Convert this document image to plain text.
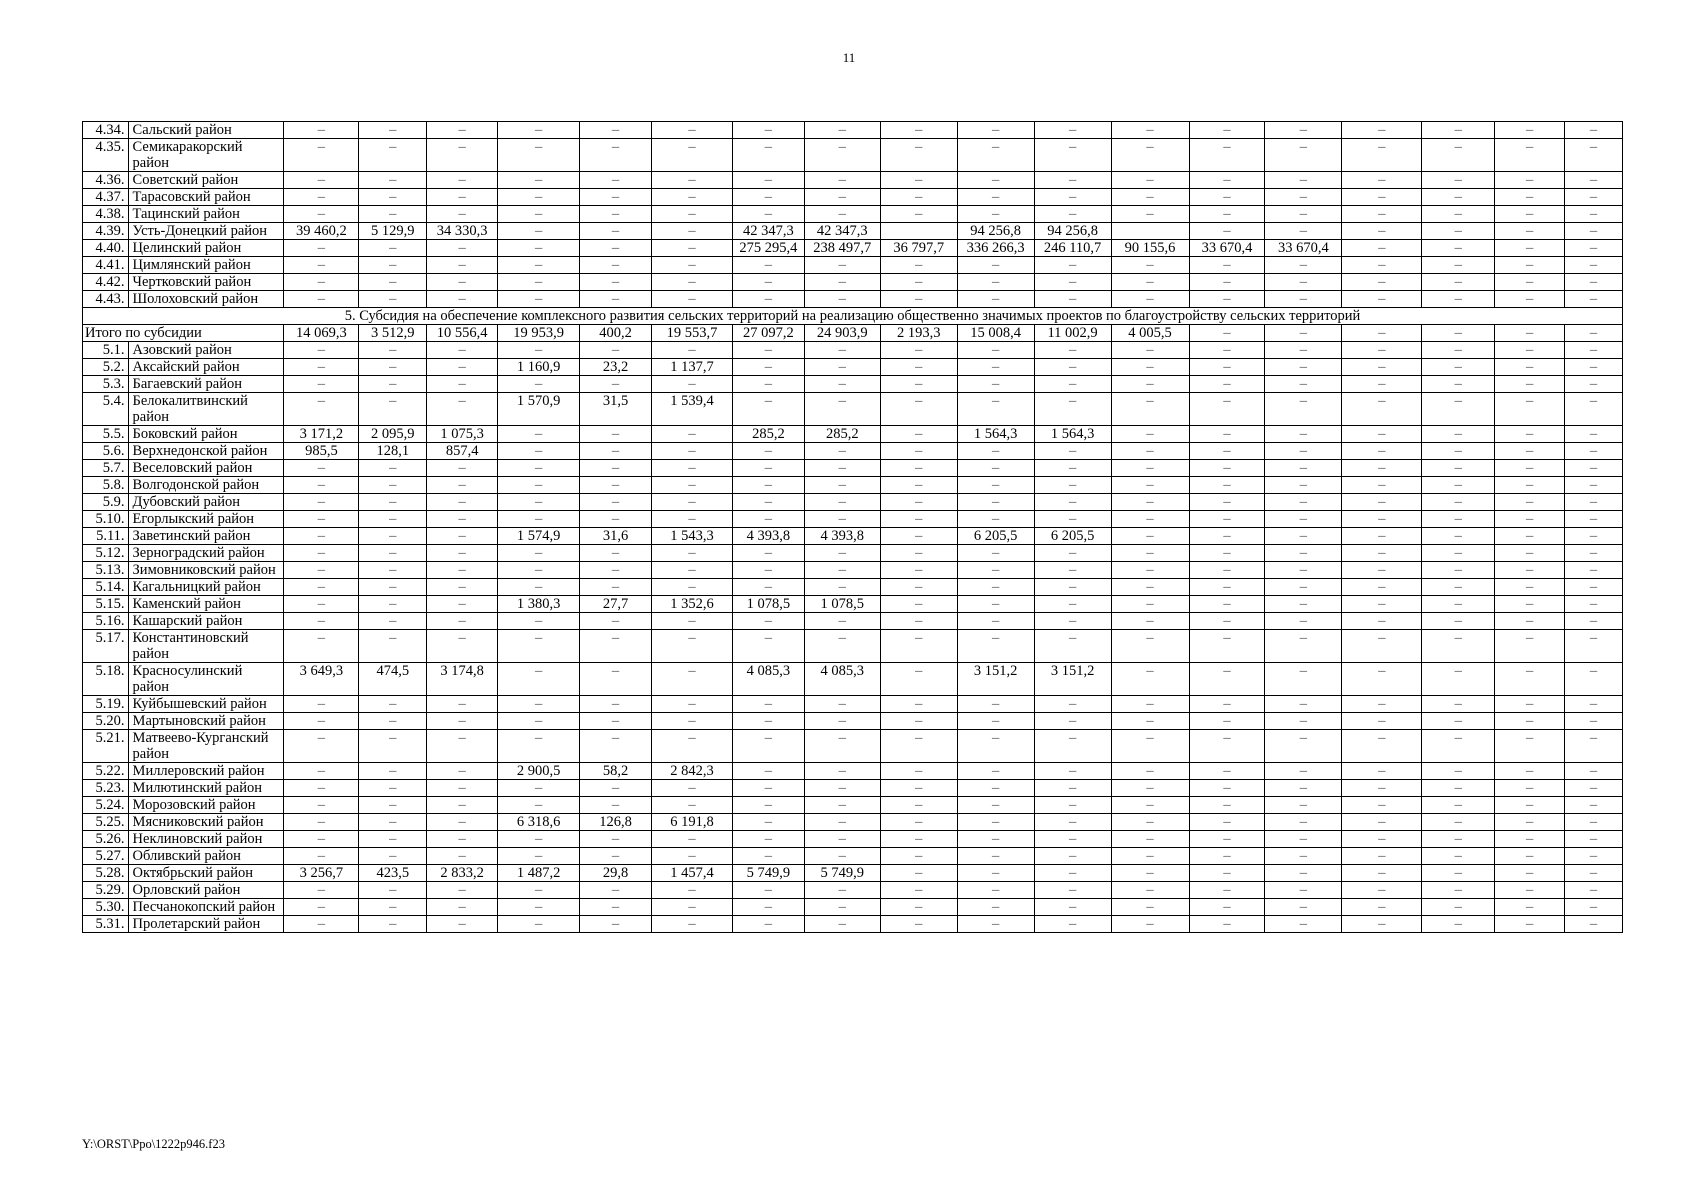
11
4.34.	Сальский район	–	–	–	–	–	–	–	–	–	–	–	–	–	–	–	–	–	–
4.35.	Семикаракорский район	–	–	–	–	–	–	–	–	–	–	–	–	–	–	–	–	–	–
4.36.	Советский район	–	–	–	–	–	–	–	–	–	–	–	–	–	–	–	–	–	–
4.37.	Тарасовский район	–	–	–	–	–	–	–	–	–	–	–	–	–	–	–	–	–	–
4.38.	Тацинский район	–	–	–	–	–	–	–	–	–	–	–	–	–	–	–	–	–	–
4.39.	Усть-Донецкий район	39 460,2	5 129,9	34 330,3	–	–	–	42 347,3	42 347,3		94 256,8	94 256,8		–	–	–	–	–	–
4.40.	Целинский район	–	–	–	–	–	–	275 295,4	238 497,7	36 797,7	336 266,3	246 110,7	90 155,6	33 670,4	33 670,4	–	–	–	–
4.41.	Цимлянский район	–	–	–	–	–	–	–	–	–	–	–	–	–	–	–	–	–	–
4.42.	Чертковский район	–	–	–	–	–	–	–	–	–	–	–	–	–	–	–	–	–	–
4.43.	Шолоховский район	–	–	–	–	–	–	–	–	–	–	–	–	–	–	–	–	–	–
5. Субсидия на обеспечение комплексного развития сельских территорий на реализацию общественно значимых проектов по благоустройству сельских территорий																			
Итого по субсидии		14 069,3	3 512,9	10 556,4	19 953,9	400,2	19 553,7	27 097,2	24 903,9	2 193,3	15 008,4	11 002,9	4 005,5	–	–	–	–	–	–
5.1.	Азовский район	–	–	–	–	–	–	–	–	–	–	–	–	–	–	–	–	–	–
5.2.	Аксайский район	–	–	–	1 160,9	23,2	1 137,7	–	–	–	–	–	–	–	–	–	–	–	–
5.3.	Багаевский район	–	–	–	–	–	–	–	–	–	–	–	–	–	–	–	–	–	–
5.4.	Белокалитвинский район	–	–	–	1 570,9	31,5	1 539,4	–	–	–	–	–	–	–	–	–	–	–	–
5.5.	Боковский район	3 171,2	2 095,9	1 075,3	–	–	–	285,2	285,2	–	1 564,3	1 564,3	–	–	–	–	–	–	–
5.6.	Верхнедонской район	985,5	128,1	857,4	–	–	–	–	–	–	–	–	–	–	–	–	–	–	–
5.7.	Веселовский район	–	–	–	–	–	–	–	–	–	–	–	–	–	–	–	–	–	–
5.8.	Волгодонской район	–	–	–	–	–	–	–	–	–	–	–	–	–	–	–	–	–	–
5.9.	Дубовский район	–	–	–	–	–	–	–	–	–	–	–	–	–	–	–	–	–	–
5.10.	Егорлыкский район	–	–	–	–	–	–	–	–	–	–	–	–	–	–	–	–	–	–
5.11.	Заветинский район	–	–	–	1 574,9	31,6	1 543,3	4 393,8	4 393,8	–	6 205,5	6 205,5	–	–	–	–	–	–	–
5.12.	Зерноградский район	–	–	–	–	–	–	–	–	–	–	–	–	–	–	–	–	–	–
5.13.	Зимовниковский район	–	–	–	–	–	–	–	–	–	–	–	–	–	–	–	–	–	–
5.14.	Кагальницкий район	–	–	–	–	–	–	–	–	–	–	–	–	–	–	–	–	–	–
5.15.	Каменский район	–	–	–	1 380,3	27,7	1 352,6	1 078,5	1 078,5	–	–	–	–	–	–	–	–	–	–
5.16.	Кашарский район	–	–	–	–	–	–	–	–	–	–	–	–	–	–	–	–	–	–
5.17.	Константиновский район	–	–	–	–	–	–	–	–	–	–	–	–	–	–	–	–	–	–
5.18.	Красносулинский район	3 649,3	474,5	3 174,8	–	–	–	4 085,3	4 085,3	–	3 151,2	3 151,2	–	–	–	–	–	–	–
5.19.	Куйбышевский район	–	–	–	–	–	–	–	–	–	–	–	–	–	–	–	–	–	–
5.20.	Мартыновский район	–	–	–	–	–	–	–	–	–	–	–	–	–	–	–	–	–	–
5.21.	Матвеево-Курганский район	–	–	–	–	–	–	–	–	–	–	–	–	–	–	–	–	–	–
5.22.	Миллеровский район	–	–	–	2 900,5	58,2	2 842,3	–	–	–	–	–	–	–	–	–	–	–	–
5.23.	Милютинский район	–	–	–	–	–	–	–	–	–	–	–	–	–	–	–	–	–	–
5.24.	Морозовский район	–	–	–	–	–	–	–	–	–	–	–	–	–	–	–	–	–	–
5.25.	Мясниковский район	–	–	–	6 318,6	126,8	6 191,8	–	–	–	–	–	–	–	–	–	–	–	–
5.26.	Неклиновский район	–	–	–	–	–	–	–	–	–	–	–	–	–	–	–	–	–	–
5.27.	Обливский район	–	–	–	–	–	–	–	–	–	–	–	–	–	–	–	–	–	–
5.28.	Октябрьский район	3 256,7	423,5	2 833,2	1 487,2	29,8	1 457,4	5 749,9	5 749,9	–	–	–	–	–	–	–	–	–	–
5.29.	Орловский район	–	–	–	–	–	–	–	–	–	–	–	–	–	–	–	–	–	–
5.30.	Песчанокопский район	–	–	–	–	–	–	–	–	–	–	–	–	–	–	–	–	–	–
5.31.	Пролетарский район	–	–	–	–	–	–	–	–	–	–	–	–	–	–	–	–	–	–
Y:\ORST\Ppo\1222p946.f23
